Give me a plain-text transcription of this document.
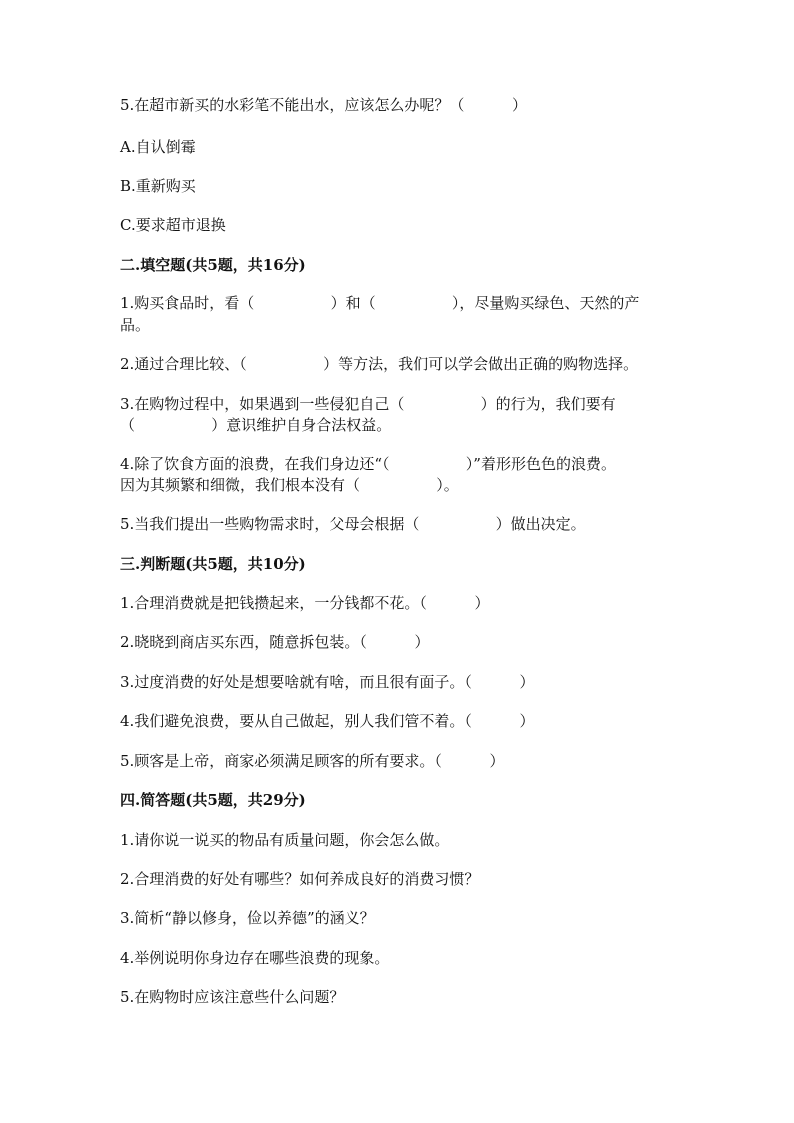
5.在超市新买的水彩笔不能出水，应该怎么办呢？（          ）
A.自认倒霉
B.重新购买
C.要求超市退换
二.填空题(共5题，共16分)
1.购买食品时，看（                ）和（                ），尽量购买绿色、天然的产
品。
2.通过合理比较、（                ）等方法，我们可以学会做出正确的购物选择。
3.在购物过程中，如果遇到一些侵犯自己（                ）的行为，我们要有
（                ）意识维护自身合法权益。
4.除了饮食方面的浪费，在我们身边还“（                ）”着形形色色的浪费。
因为其频繁和细微，我们根本没有（                ）。
5.当我们提出一些购物需求时，父母会根据（                ）做出决定。
三.判断题(共5题，共10分)
1.合理消费就是把钱攒起来，一分钱都不花。（          ）
2.晓晓到商店买东西，随意拆包装。（          ）
3.过度消费的好处是想要啥就有啥，而且很有面子。（          ）
4.我们避免浪费，要从自己做起，别人我们管不着。（          ）
5.顾客是上帝，商家必须满足顾客的所有要求。（          ）
四.简答题(共5题，共29分)
1.请你说一说买的物品有质量问题，你会怎么做。
2.合理消费的好处有哪些？如何养成良好的消费习惯？
3.简析“静以修身，俭以养德”的涵义？
4.举例说明你身边存在哪些浪费的现象。
5.在购物时应该注意些什么问题？
